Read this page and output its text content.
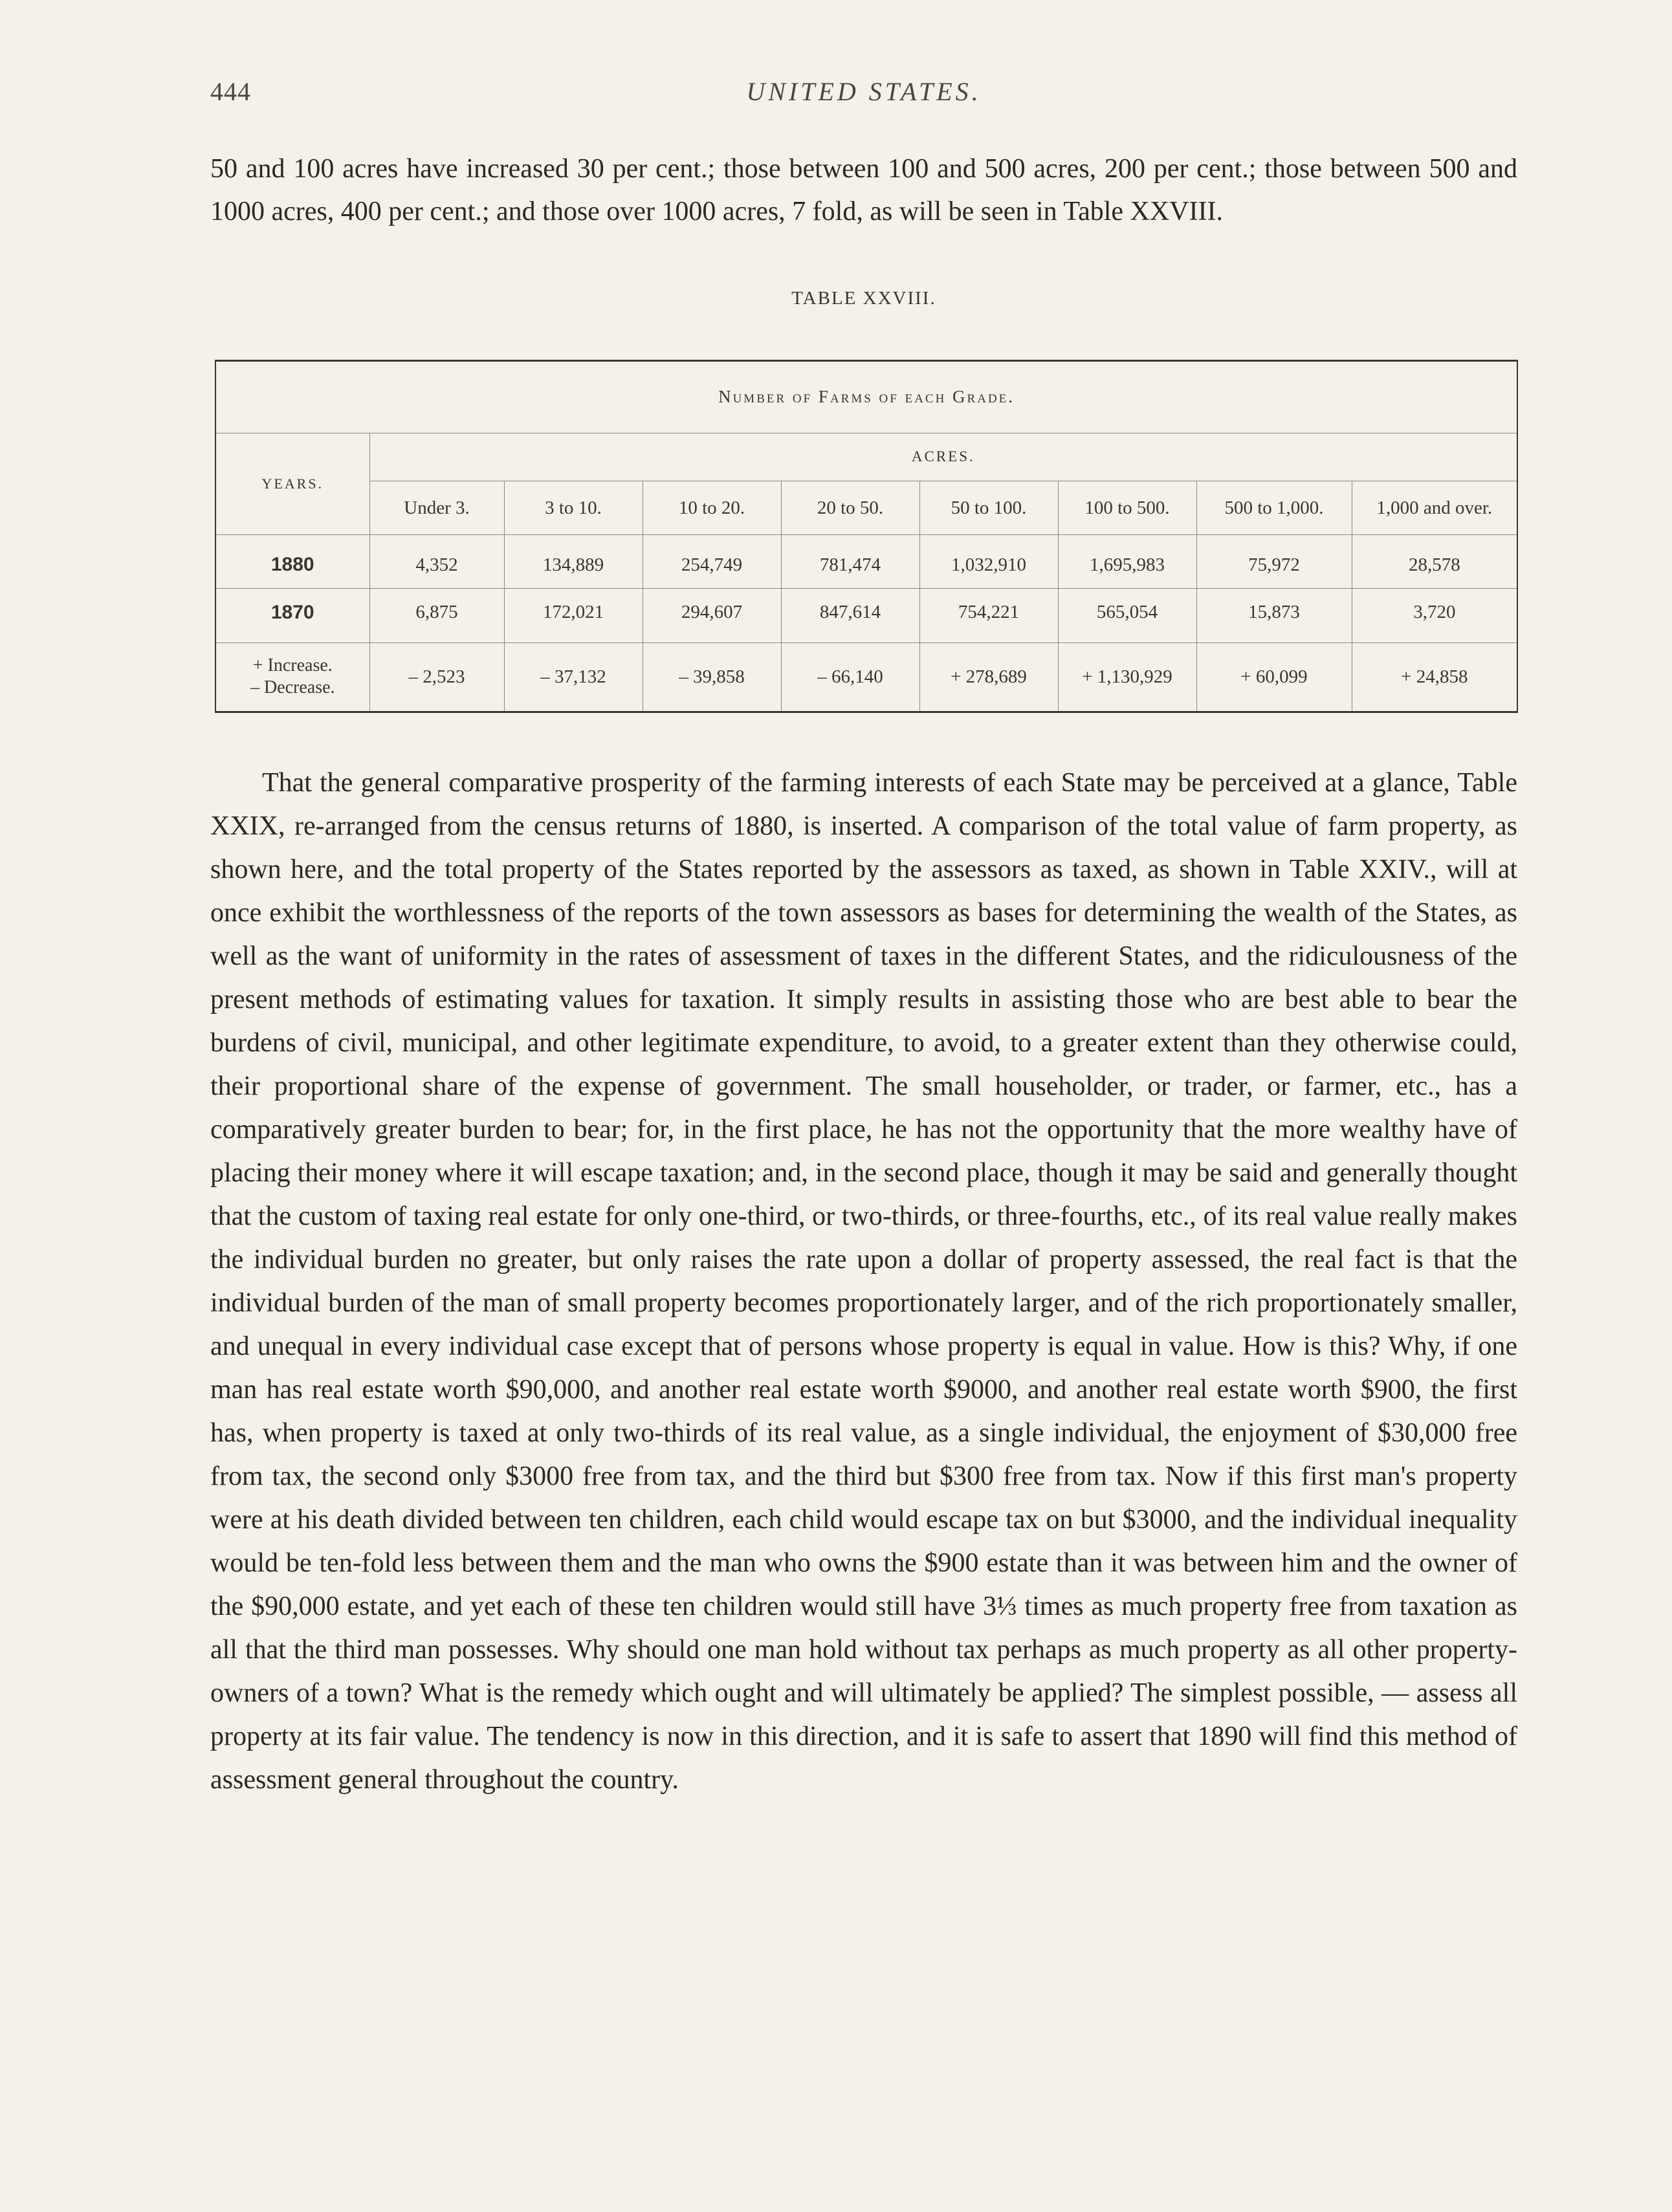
444	UNITED STATES.

50 and 100 acres have increased 30 per cent.; those between 100 and 500 acres, 200 per cent.; those between 500 and 1000 acres, 400 per cent.; and those over 1000 acres, 7 fold, as will be seen in Table XXVIII.

TABLE XXVIII.
Number of Farms of each Grade.								
YEARS.	ACRES.							
	Under 3.	3 to 10.	10 to 20.	20 to 50.	50 to 100.	100 to 500.	500 to 1,000.	1,000 and over.
1880	4,352	134,889	254,749	781,474	1,032,910	1,695,983	75,972	28,578
1870	6,875	172,021	294,607	847,614	754,221	565,054	15,873	3,720

+ Increase.
– Decrease.	– 2,523	– 37,132	– 39,858	– 66,140	+ 278,689	+ 1,130,929	+ 60,099	+ 24,858

That the general comparative prosperity of the farming interests of each State may be perceived at a glance, Table XXIX, re-arranged from the census returns of 1880, is inserted. A comparison of the total value of farm property, as shown here, and the total property of the States reported by the assessors as taxed, as shown in Table XXIV., will at once exhibit the worthlessness of the reports of the town assessors as bases for determining the wealth of the States, as well as the want of uniformity in the rates of assessment of taxes in the different States, and the ridiculousness of the present methods of estimating values for taxation. It simply results in assisting those who are best able to bear the burdens of civil, municipal, and other legitimate expenditure, to avoid, to a greater extent than they otherwise could, their proportional share of the expense of government. The small householder, or trader, or farmer, etc., has a comparatively greater burden to bear; for, in the first place, he has not the opportunity that the more wealthy have of placing their money where it will escape taxation; and, in the second place, though it may be said and generally thought that the custom of taxing real estate for only one-third, or two-thirds, or three-fourths, etc., of its real value really makes the individual burden no greater, but only raises the rate upon a dollar of property assessed, the real fact is that the individual burden of the man of small property becomes proportionately larger, and of the rich proportionately smaller, and unequal in every individual case except that of persons whose property is equal in value. How is this? Why, if one man has real estate worth $90,000, and another real estate worth $9000, and another real estate worth $900, the first has, when property is taxed at only two-thirds of its real value, as a single individual, the enjoyment of $30,000 free from tax, the second only $3000 free from tax, and the third but $300 free from tax. Now if this first man's property were at his death divided between ten children, each child would escape tax on but $3000, and the individual inequality would be ten-fold less between them and the man who owns the $900 estate than it was between him and the owner of the $90,000 estate, and yet each of these ten children would still have 3⅓ times as much property free from taxation as all that the third man possesses. Why should one man hold without tax perhaps as much property as all other property-owners of a town? What is the remedy which ought and will ultimately be applied? The simplest possible, — assess all property at its fair value. The tendency is now in this direction, and it is safe to assert that 1890 will find this method of assessment general throughout the country.
